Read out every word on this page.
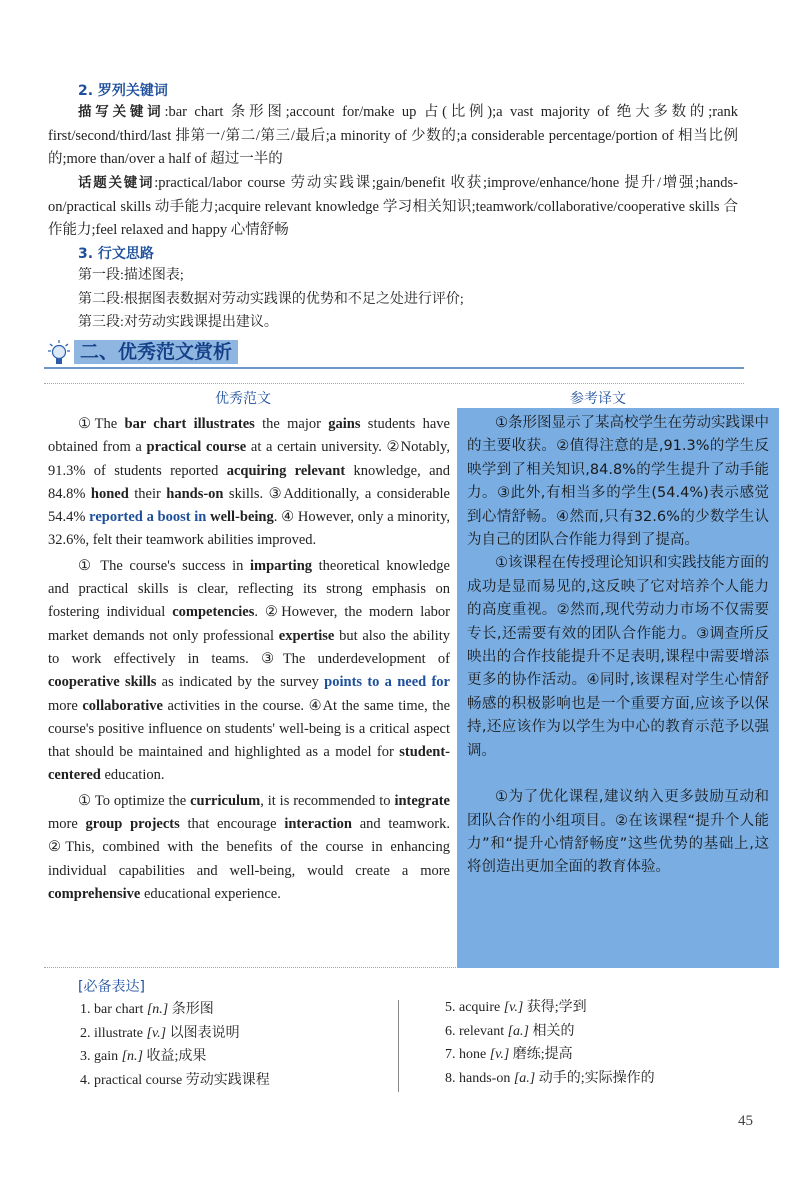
2. 罗列关键词
描写关键词:bar chart 条形图;account for/make up 占(比例);a vast majority of 绝大多数的;rank first/second/third/last 排第一/第二/第三/最后;a minority of 少数的;a considerable percentage/portion of 相当比例的;more than/over a half of 超过一半的
话题关键词:practical/labor course 劳动实践课;gain/benefit 收获;improve/enhance/hone 提升/增强;hands-on/practical skills 动手能力;acquire relevant knowledge 学习相关知识;teamwork/collaborative/cooperative skills 合作能力;feel relaxed and happy 心情舒畅
3. 行文思路
第一段:描述图表;
第二段:根据图表数据对劳动实践课的优势和不足之处进行评价;
第三段:对劳动实践课提出建议。
二、优秀范文赏析
优秀范文	参考译文

①The bar chart illustrates the major gains students have obtained from a practical course at a certain university. ②Notably, 91.3% of students reported acquiring relevant knowledge, and 84.8% honed their hands-on skills. ③Additionally, a considerable 54.4% reported a boost in well-being. ④ However, only a minority, 32.6%, felt their teamwork abilities improved.

① The course's success in imparting theoretical knowledge and practical skills is clear, reflecting its strong emphasis on fostering individual competencies. ②However, the modern labor market demands not only professional expertise but also the ability to work effectively in teams. ③The underdevelopment of cooperative skills as indicated by the survey points to a need for more collaborative activities in the course. ④At the same time, the course's positive influence on students' well-being is a critical aspect that should be maintained and highlighted as a model for student-centered education.

① To optimize the curriculum, it is recommended to integrate more group projects that encourage interaction and teamwork. ②This, combined with the benefits of the course in enhancing individual capabilities and well-being, would create a more comprehensive educational experience.

①条形图显示了某高校学生在劳动实践课中的主要收获。②值得注意的是,91.3%的学生反映学到了相关知识,84.8%的学生提升了动手能力。③此外,有相当多的学生(54.4%)表示感觉到心情舒畅。④然而,只有32.6%的少数学生认为自己的团队合作能力得到了提高。

①该课程在传授理论知识和实践技能方面的成功是显而易见的,这反映了它对培养个人能力的高度重视。②然而,现代劳动力市场不仅需要专长,还需要有效的团队合作能力。③调查所反映出的合作技能提升不足表明,课程中需要增添更多的协作活动。④同时,该课程对学生心情舒畅感的积极影响也是一个重要方面,应该予以保持,还应该作为以学生为中心的教育示范予以强调。

①为了优化课程,建议纳入更多鼓励互动和团队合作的小组项目。②在该课程“提升个人能力”和“提升心情舒畅度”这些优势的基础上,这将创造出更加全面的教育体验。

[必备表达]
1. bar chart [n.] 条形图
2. illustrate [v.] 以图表说明
3. gain [n.] 收益;成果
4. practical course 劳动实践课程
5. acquire [v.] 获得;学到
6. relevant [a.] 相关的
7. hone [v.] 磨练;提高
8. hands-on [a.] 动手的;实际操作的
45
